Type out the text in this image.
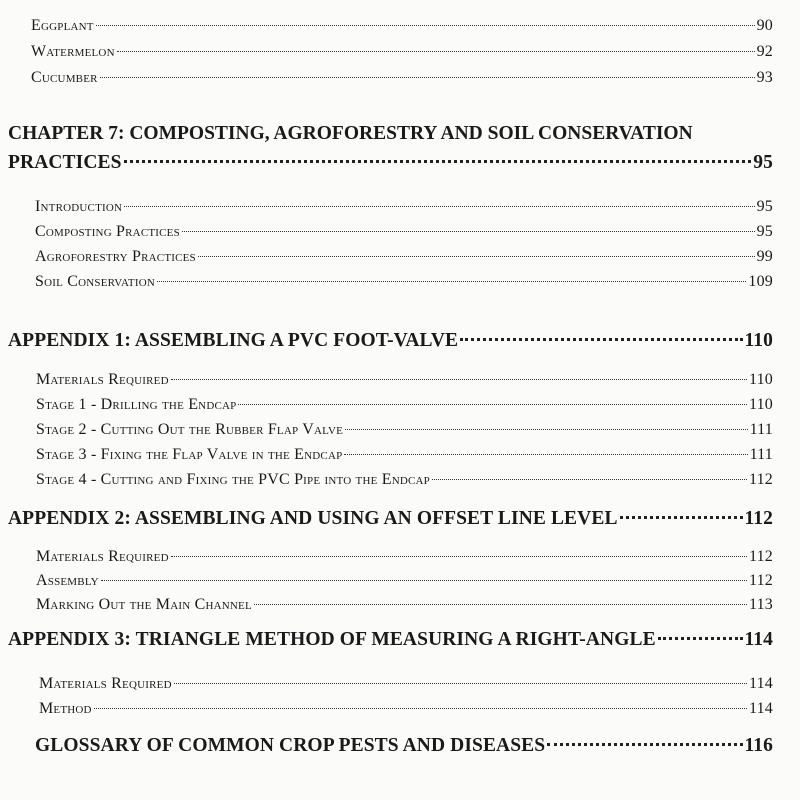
Eggplant	90
Watermelon	92
Cucumber	93
CHAPTER 7: COMPOSTING, AGROFORESTRY AND SOIL CONSERVATION
PRACTICES	95
Introduction	95
Composting Practices	95
Agroforestry Practices	99
Soil Conservation	109
APPENDIX 1: ASSEMBLING A PVC FOOT-VALVE	110
Materials Required	110
Stage 1 - Drilling the Endcap	110
Stage 2 - Cutting Out the Rubber Flap Valve	111
Stage 3 - Fixing the Flap Valve in the Endcap	111
Stage 4 - Cutting and Fixing the PVC Pipe into the Endcap	112
APPENDIX 2: ASSEMBLING AND USING AN OFFSET LINE LEVEL	112
Materials Required	112
Assembly	112
Marking Out the Main Channel	113
APPENDIX 3: TRIANGLE METHOD OF MEASURING A RIGHT-ANGLE	114
Materials Required	114
Method	114
GLOSSARY OF COMMON CROP PESTS AND DISEASES	116
